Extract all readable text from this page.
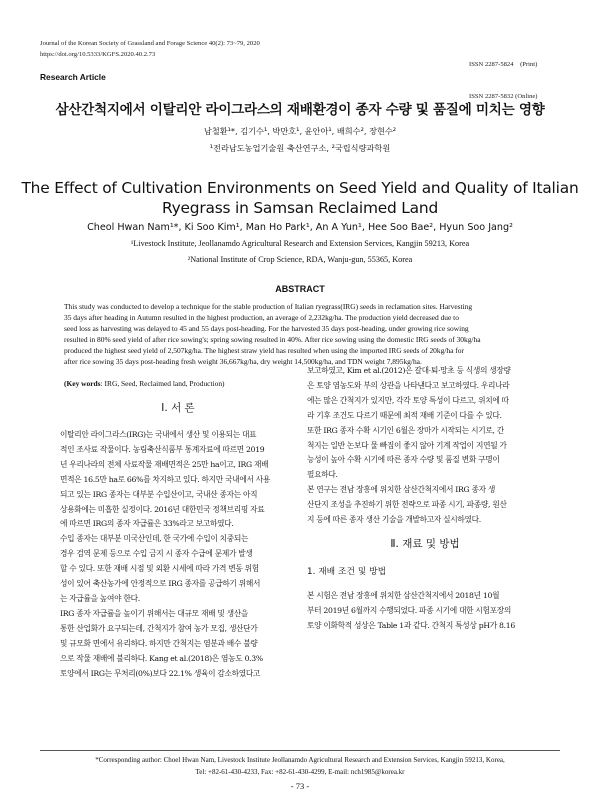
Journal of the Korean Society of Grassland and Forage Science 40(2): 73~79, 2020
https://doi.org/10.5333/KGFS.2020.40.2.73

ISSN 2287-5824    (Print)

ISSN 2287-5832 (Online)

Research Article
삼산간척지에서 이탈리안 라이그라스의 재배환경이 종자 수량 및 품질에 미치는 영향
남철환¹*, 김기수¹, 박만호¹, 윤안아¹, 배희수², 장현수²
¹전라남도농업기술원 축산연구소, ²국립식량과학원
The Effect of Cultivation Environments on Seed Yield and Quality of Italian
Ryegrass in Samsan Reclaimed Land
Cheol Hwan Nam¹*, Ki Soo Kim¹, Man Ho Park¹, An A Yun¹, Hee Soo Bae², Hyun Soo Jang²
¹Livestock Institute, Jeollanamdo Agricultural Research and Extension Services, Kangjin 59213, Korea
²National Institute of Crop Science, RDA, Wanju-gun, 55365, Korea
ABSTRACT
This study was conducted to develop a technique for the stable production of Italian ryegrass(IRG) seeds in reclamation sites. Harvesting
35 days after heading in Autumn resulted in the highest production, an average of 2,232kg/ha. The production yield decreased due to
seed loss as harvesting was delayed to 45 and 55 days post-heading. For the harvested 35 days post-heading, under growing rice sowing
resulted in 80% seed yield of after rice sowing's; spring sowing resulted in 40%. After rice sowing using the domestic IRG seeds of 30kg/ha
produced the highest seed yield of 2,507kg/ha. The highest straw yield has resulted when using the imported IRG seeds of 20kg/ha for
after rice sowing 35 days post-heading fresh weight 36,667kg/ha, dry weight 14,500kg/ha, and TDN weight 7,895kg/ha.
(Key words: IRG, Seed, Reclaimed land, Production)
Ⅰ. 서 론
이탈리안 라이그라스(IRG)는 국내에서 생산 및 이용되는 대표
적인 조사료 작물이다. 농림축산식품부 통계자료에 따르면 2019
년 우리나라의 전체 사료작물 재배면적은 25만 ha이고, IRG 재배
면적은 16.5만 ha로 66%를 차지하고 있다. 하지만 국내에서 사용
되고 있는 IRG 종자는 대부분 수입산이고, 국내산 종자는 아직
상용화에는 미흡한 실정이다. 2016년 대한민국 정책브리핑 자료
에 따르면 IRG의 종자 자급률은 33%라고 보고하였다.
수입 종자는 대부분 미국산인데, 한 국가에 수입이 치중되는
경우 검역 문제 등으로 수입 금지 시 종자 수급에 문제가 발생
할 수 있다. 또한 재배 시점 및 외환 시세에 따라 가격 변동 위험
성이 있어 축산농가에 안정적으로 IRG 종자를 공급하기 위해서
는 자급률을 높여야 한다.
IRG 종자 자급률을 높이기 위해서는 대규모 재배 및 생산을
통한 산업화가 요구되는데, 간척지가 참여 농가 모집, 생산단가
및 규모화 면에서 유리하다. 하지만 간척지는 염분과 배수 불량
으로 작물 재배에 불리하다. Kang et al.(2018)은 염농도 0.3%
토양에서 IRG는 무처리(0%)보다 22.1% 생육이 감소하였다고
보고하였고, Kim et al.(2012)은 갈대·퇴·망초 등 식생의 생장량
은 토양 염농도와 부의 상관을 나타낸다고 보고하였다. 우리나라
에는 많은 간척지가 있지만, 각각 토양 특성이 다르고, 위치에 따
라 기후 조건도 다르기 때문에 최적 재배 기준이 다를 수 있다.
또한 IRG 종자 수확 시기인 6월은 장마가 시작되는 시기로, 간
척지는 일반 논보다 물 빠짐이 좋지 않아 기계 작업이 지연될 가
능성이 높아 수확 시기에 따른 종자 수량 및 품질 변화 구명이
필요하다.
본 연구는 전남 장흥에 위치한 삼산간척지에서 IRG 종자 생
산단지 조성을 추진하기 위한 전략으로 파종 시기, 파종량, 원산
지 등에 따른 종자 생산 기술을 개발하고자 실시하였다.
Ⅱ. 재료 및 방법
1. 재배 조건 및 방법
본 시험은 전남 장흥에 위치한 삼산간척지에서 2018년 10월
부터 2019년 6월까지 수행되었다. 파종 시기에 대한 시험포장의
토양 이화학적 성상은 Table 1과 같다. 간척지 특성상 pH가 8.16
*Corresponding author: Choel Hwan Nam, Livestock Institute Jeollanamdo Agricultural Research and Extension Services, Kangjin 59213, Korea,
Tel: +82-61-430-4233, Fax: +82-61-430-4299, E-mail: nch1985@korea.kr
- 73 -
